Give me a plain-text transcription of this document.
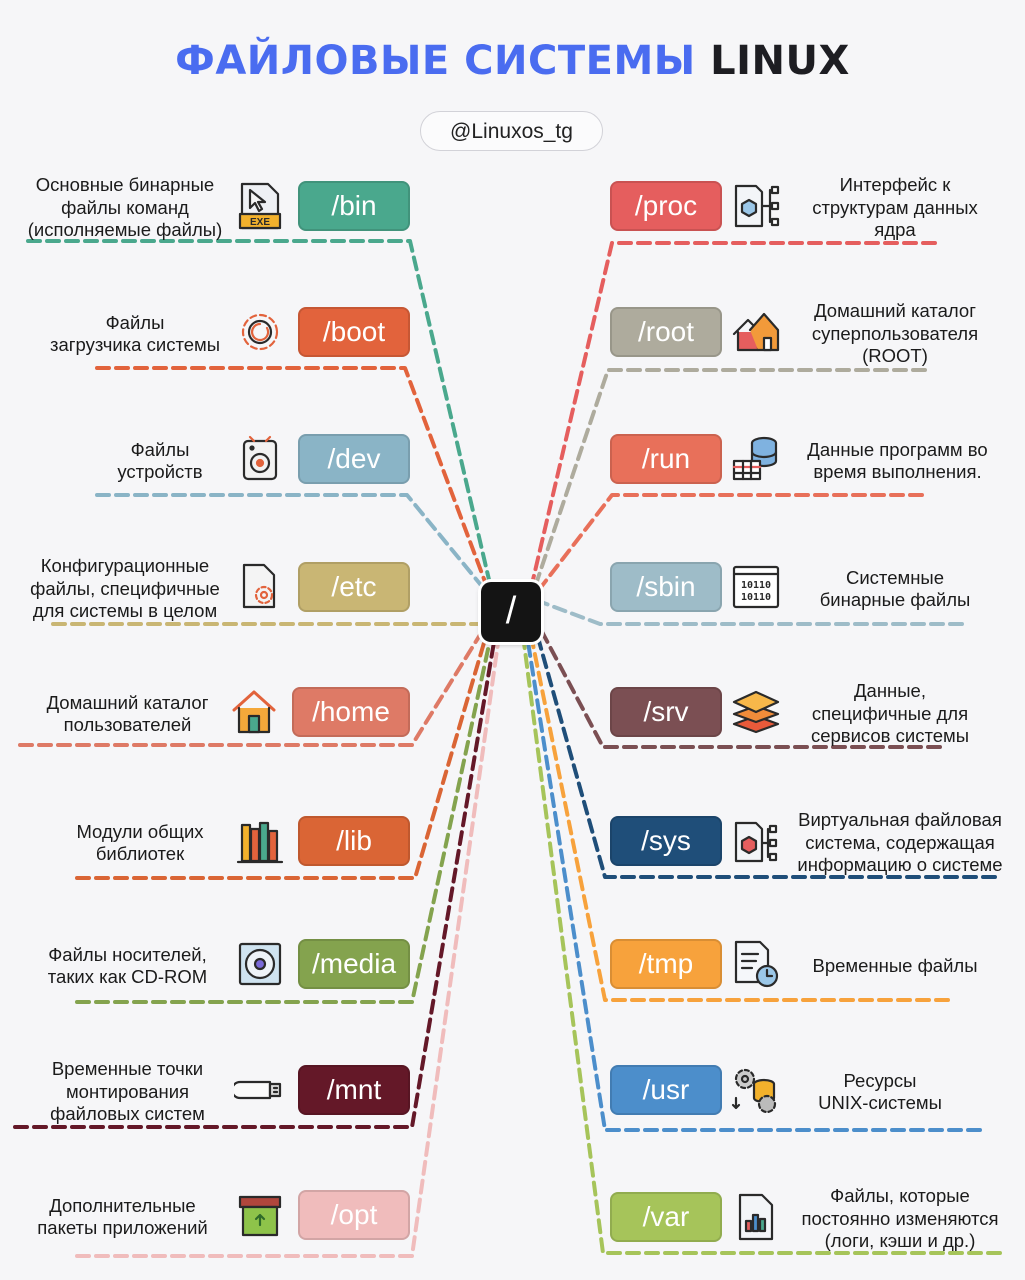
ФАЙЛОВЫЕ СИСТЕМЫ LINUX
@Linuxos_tg
/bin
EXE
Основные бинарные
файлы команд
(исполняемые файлы)
/boot
Файлы
загрузчика системы
/dev
Файлы
устройств
/etc
Конфигурационные
файлы, специфичные
для системы в целом
/home
Домашний каталог
пользователей
/lib
Модули общих
библиотек
/media
Файлы носителей,
таких как CD-ROM
/mnt
Временные точки
монтирования
файловых систем
/opt
Дополнительные
пакеты приложений
/proc
Интерфейс к
структурам данных
ядра
/root
Домашний каталог
суперпользователя
(ROOT)
/run	Данные программ во
время выполнения.
/sbin	10110
10110
Системные
бинарные файлы
/srv
Данные,
специфичные для
сервисов системы
/sys
Виртуальная файловая
система, содержащая
информацию о системе
/tmp	Временные файлы
/usr	Ресурсы
UNIX-системы
/var
Файлы, которые
постоянно изменяются
(логи, кэши и др.)
/
